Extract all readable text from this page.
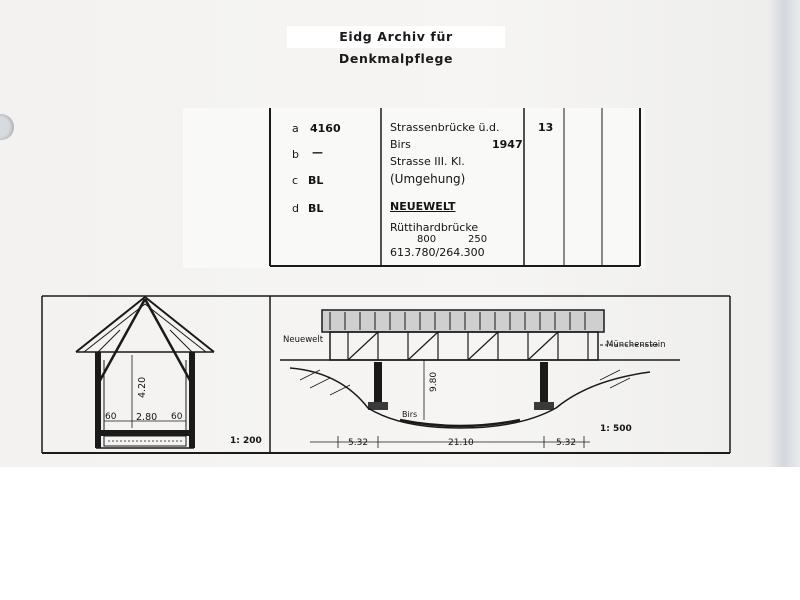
Eidg Archiv für Denkmalpflege
a 4160
b —
c BL
d BL
Strassenbrücke ü.d.
Birs	1947
Strasse III. Kl.
(Umgehung)
NEUEWELT
Rüttihardbrücke
800	250
613.780/264.300
13
4.20
2.80
60	60
1: 200
Neuewelt	Münchenstein
Birs
9.80
5.32	21.10	5.32
1: 500
